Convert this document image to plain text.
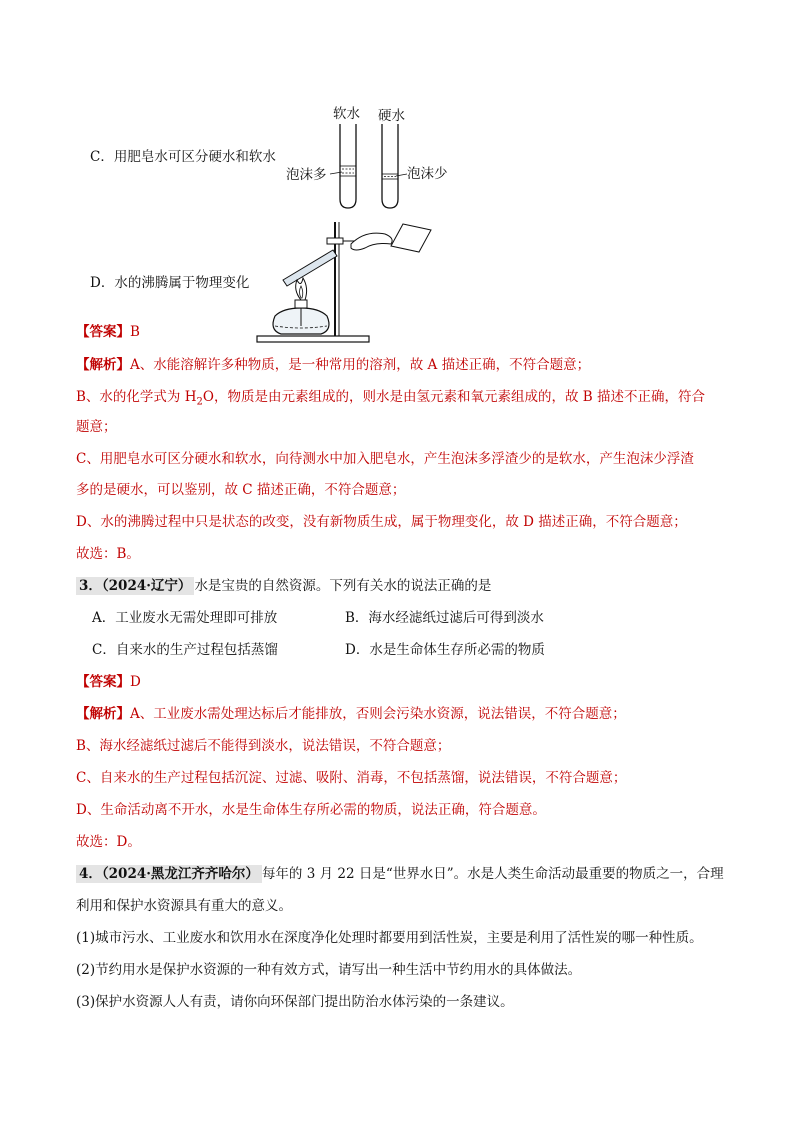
C．用肥皂水可区分硬水和软水
软水 硬水
泡沫多	泡沫少
D．水的沸腾属于物理变化
【答案】B
【解析】A、水能溶解许多种物质，是一种常用的溶剂，故 A 描述正确，不符合题意；
B、水的化学式为 $H_2O$，物质是由元素组成的，则水是由氢元素和氧元素组成的，故 B 描述不正确，符合
题意；
C、用肥皂水可区分硬水和软水，向待测水中加入肥皂水，产生泡沫多浮渣少的是软水，产生泡沫少浮渣
多的是硬水，可以鉴别，故 C 描述正确，不符合题意；
D、水的沸腾过程中只是状态的改变，没有新物质生成，属于物理变化，故 D 描述正确，不符合题意；
故选：B。
3．（2024·辽宁） 水是宝贵的自然资源。下列有关水的说法正确的是
A．工业废水无需处理即可排放	B．海水经滤纸过滤后可得到淡水
C．自来水的生产过程包括蒸馏	D．水是生命体生存所必需的物质
【答案】D
【解析】A、工业废水需处理达标后才能排放，否则会污染水资源，说法错误，不符合题意；
B、海水经滤纸过滤后不能得到淡水，说法错误，不符合题意；
C、自来水的生产过程包括沉淀、过滤、吸附、消毒，不包括蒸馏，说法错误，不符合题意；
D、生命活动离不开水，水是生命体生存所必需的物质，说法正确，符合题意。
故选：D。
4．（2024·黑龙江齐齐哈尔） 每年的 3 月 22 日是“世界水日”。水是人类生命活动最重要的物质之一，合理
利用和保护水资源具有重大的意义。
(1)城市污水、工业废水和饮用水在深度净化处理时都要用到活性炭，主要是利用了活性炭的哪一种性质。
(2)节约用水是保护水资源的一种有效方式，请写出一种生活中节约用水的具体做法。
(3)保护水资源人人有责，请你向环保部门提出防治水体污染的一条建议。
